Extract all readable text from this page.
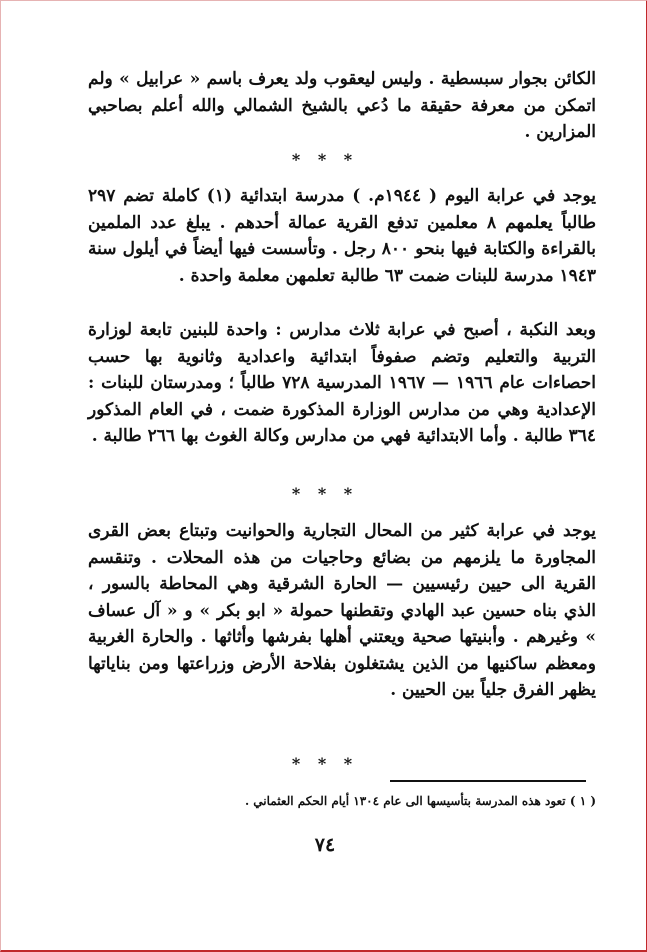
الكائن بجوار سبسطية . وليس ليعقوب ولد يعرف باسم « عرابيل » ولم اتمكن من معرفة حقيقة ما دُعي بالشيخ الشمالي والله أعلم بصاحبي المزارين .

* * *

يوجد في عرابة اليوم ( ١٩٤٤م. ) مدرسة ابتدائية (١) كاملة تضم ٢٩٧ طالباً يعلمهم ٨ معلمين تدفع القرية عمالة أحدهم . يبلغ عدد الملمين بالقراءة والكتابة فيها بنحو ٨٠٠ رجل . وتأسست فيها أيضاً في أيلول سنة ١٩٤٣ مدرسة للبنات ضمت ٦٣ طالبة تعلمهن معلمة واحدة .

وبعد النكبة ، أصبح في عرابة ثلاث مدارس : واحدة للبنين تابعة لوزارة التربية والتعليم وتضم صفوفاً ابتدائية واعدادية وثانوية بها حسب احصاءات عام ١٩٦٦ — ١٩٦٧ المدرسية ٧٢٨ طالباً ؛ ومدرستان للبنات : الإعدادية وهي من مدارس الوزارة المذكورة ضمت ، في العام المذكور ٣٦٤ طالبة . وأما الابتدائية فهي من مدارس وكالة الغوث بها ٢٦٦ طالبة .

* * *

يوجد في عرابة كثير من المحال التجارية والحوانيت وتبتاع بعض القرى المجاورة ما يلزمهم من بضائع وحاجيات من هذه المحلات . وتنقسم القرية الى حيين رئيسيين — الحارة الشرقية وهي المحاطة بالسور ، الذي بناه حسين عبد الهادي وتقطنها حمولة « ابو بكر » و « آل عساف » وغيرهم . وأبنيتها صحية ويعتني أهلها بفرشها وأثاثها . والحارة الغربية ومعظم ساكنيها من الذين يشتغلون بفلاحة الأرض وزراعتها ومن بناياتها يظهر الفرق جلياً بين الحيين .

* * *

( ١ ) تعود هذه المدرسة بتأسيسها الى عام ١٣٠٤ أيام الحكم العثماني .

٧٤
